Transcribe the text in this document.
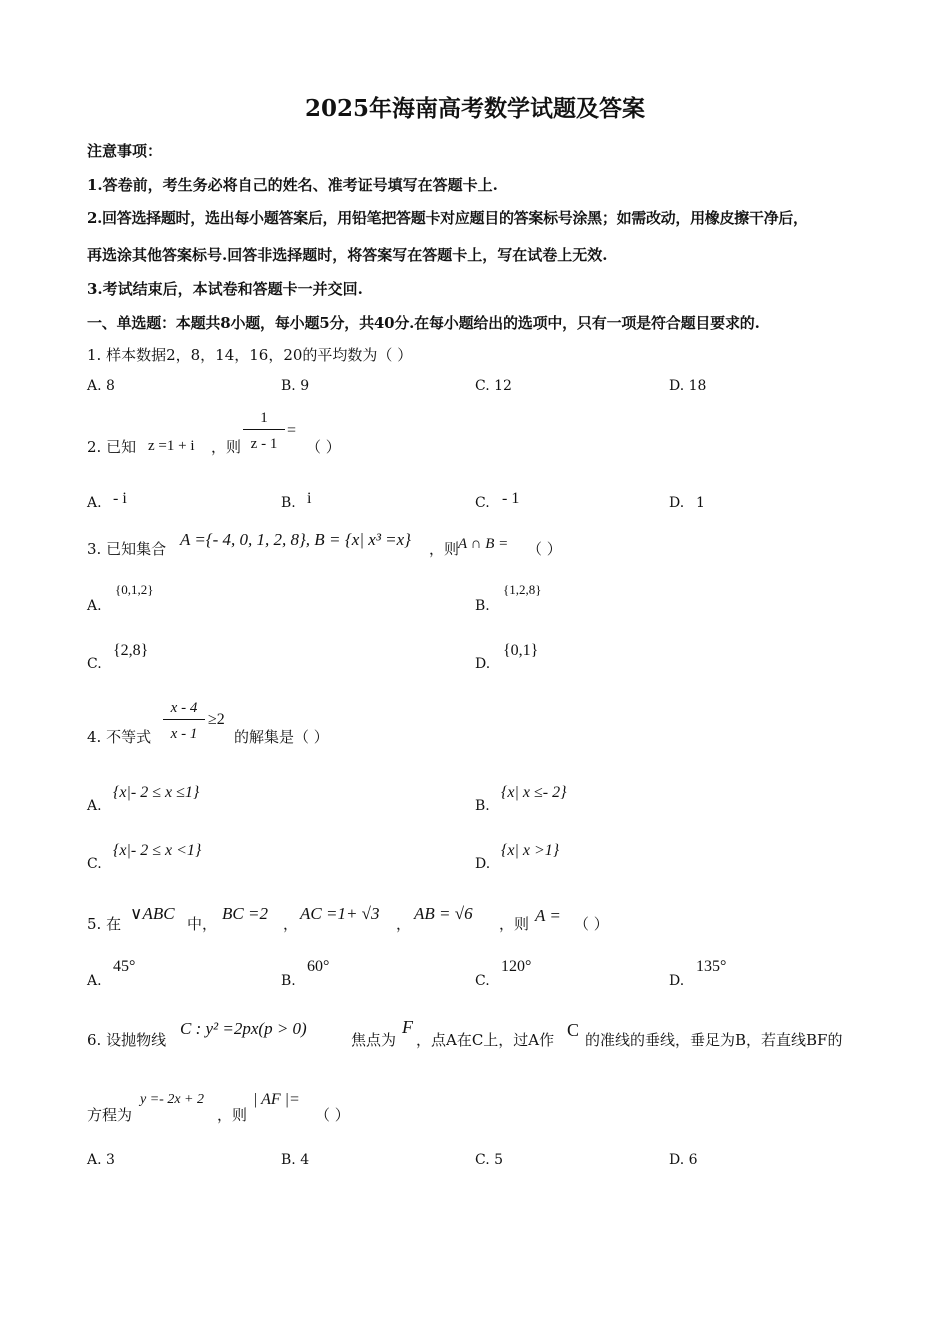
2025年海南高考数学试题及答案
注意事项：
1.答卷前，考生务必将自己的姓名、准考证号填写在答题卡上.
2.回答选择题时，选出每小题答案后，用铅笔把答题卡对应题目的答案标号涂黑；如需改动，用橡皮擦干净后，
再选涂其他答案标号.回答非选择题时，将答案写在答题卡上，写在试卷上无效.
3.考试结束后，本试卷和答题卡一并交回.
一、单选题：本题共8小题，每小题5分，共40分.在每小题给出的选项中，只有一项是符合题目要求的.
1. 样本数据2，8，14，16，20的平均数为（ ）
A. 8	B. 9	C. 12	D. 18
2. 已知 z =1 + i ，则
1
z - 1
=
（ ）
A. - i	B. i	C. - 1	D. 1
3. 已知集合 A ={- 4, 0, 1, 2, 8}, B = {x| x³ =x} ，则
A ∩ B = （ ）
A.
{0,1,2}
B.
{1,2,8}
C.
{2,8}
D.
{0,1}
4. 不等式
x - 4
x - 1
≥2
的解集是（ ）
A.
{x|- 2 ≤ x ≤1}
B.
{x| x ≤- 2}
C.
{x|- 2 ≤ x <1}
D.
{x| x >1}
5. 在
∨ABC
中，
BC =2
，
AC =1+ √3
，
AB = √6
，则 A = （ ）
A.
45°
B.
60°
C.
120°
D.
135°
6. 设抛物线
C : y² =2px(p > 0)
焦点为
F
，点A在C上，过A作 C 的准线的垂线，垂足为B，若直线BF的
方程为
y =- 2x + 2
，则
| AF |=
（ ）
A. 3	B. 4	C. 5	D. 6
